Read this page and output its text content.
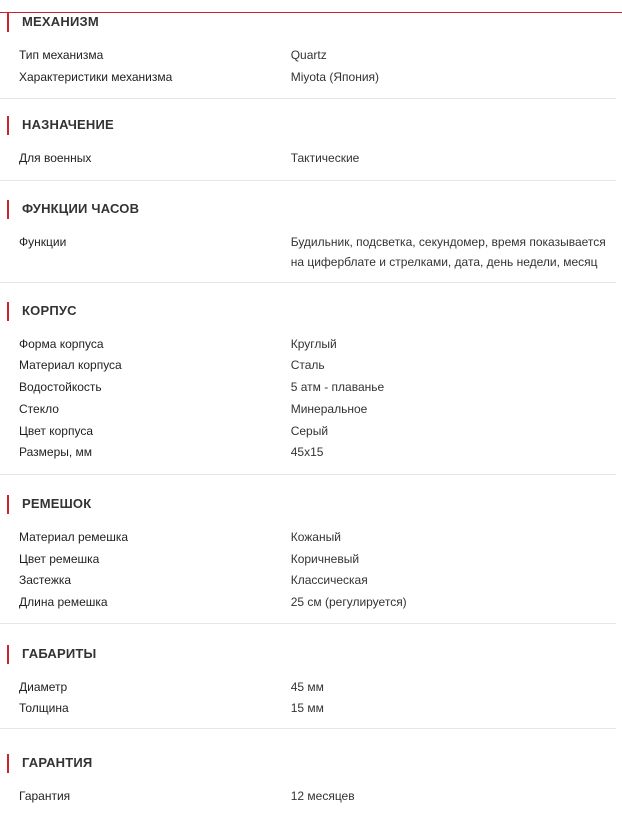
МЕХАНИЗМ
Тип механизма	Quartz
Характеристики механизма	Miyota (Япония)
НАЗНАЧЕНИЕ
Для военных	Тактические
ФУНКЦИИ ЧАСОВ
Функции	Будильник, подсветка, секундомер, время показывается на циферблате и стрелками, дата, день недели, месяц
КОРПУС
Форма корпуса	Круглый
Материал корпуса	Сталь
Водостойкость	5 атм - плаванье
Стекло	Минеральное
Цвет корпуса	Серый
Размеры, мм	45x15
РЕМЕШОК
Материал ремешка	Кожаный
Цвет ремешка	Коричневый
Застежка	Классическая
Длина ремешка	25 см (регулируется)
ГАБАРИТЫ
Диаметр	45 мм
Толщина	15 мм
ГАРАНТИЯ
Гарантия	12 месяцев
